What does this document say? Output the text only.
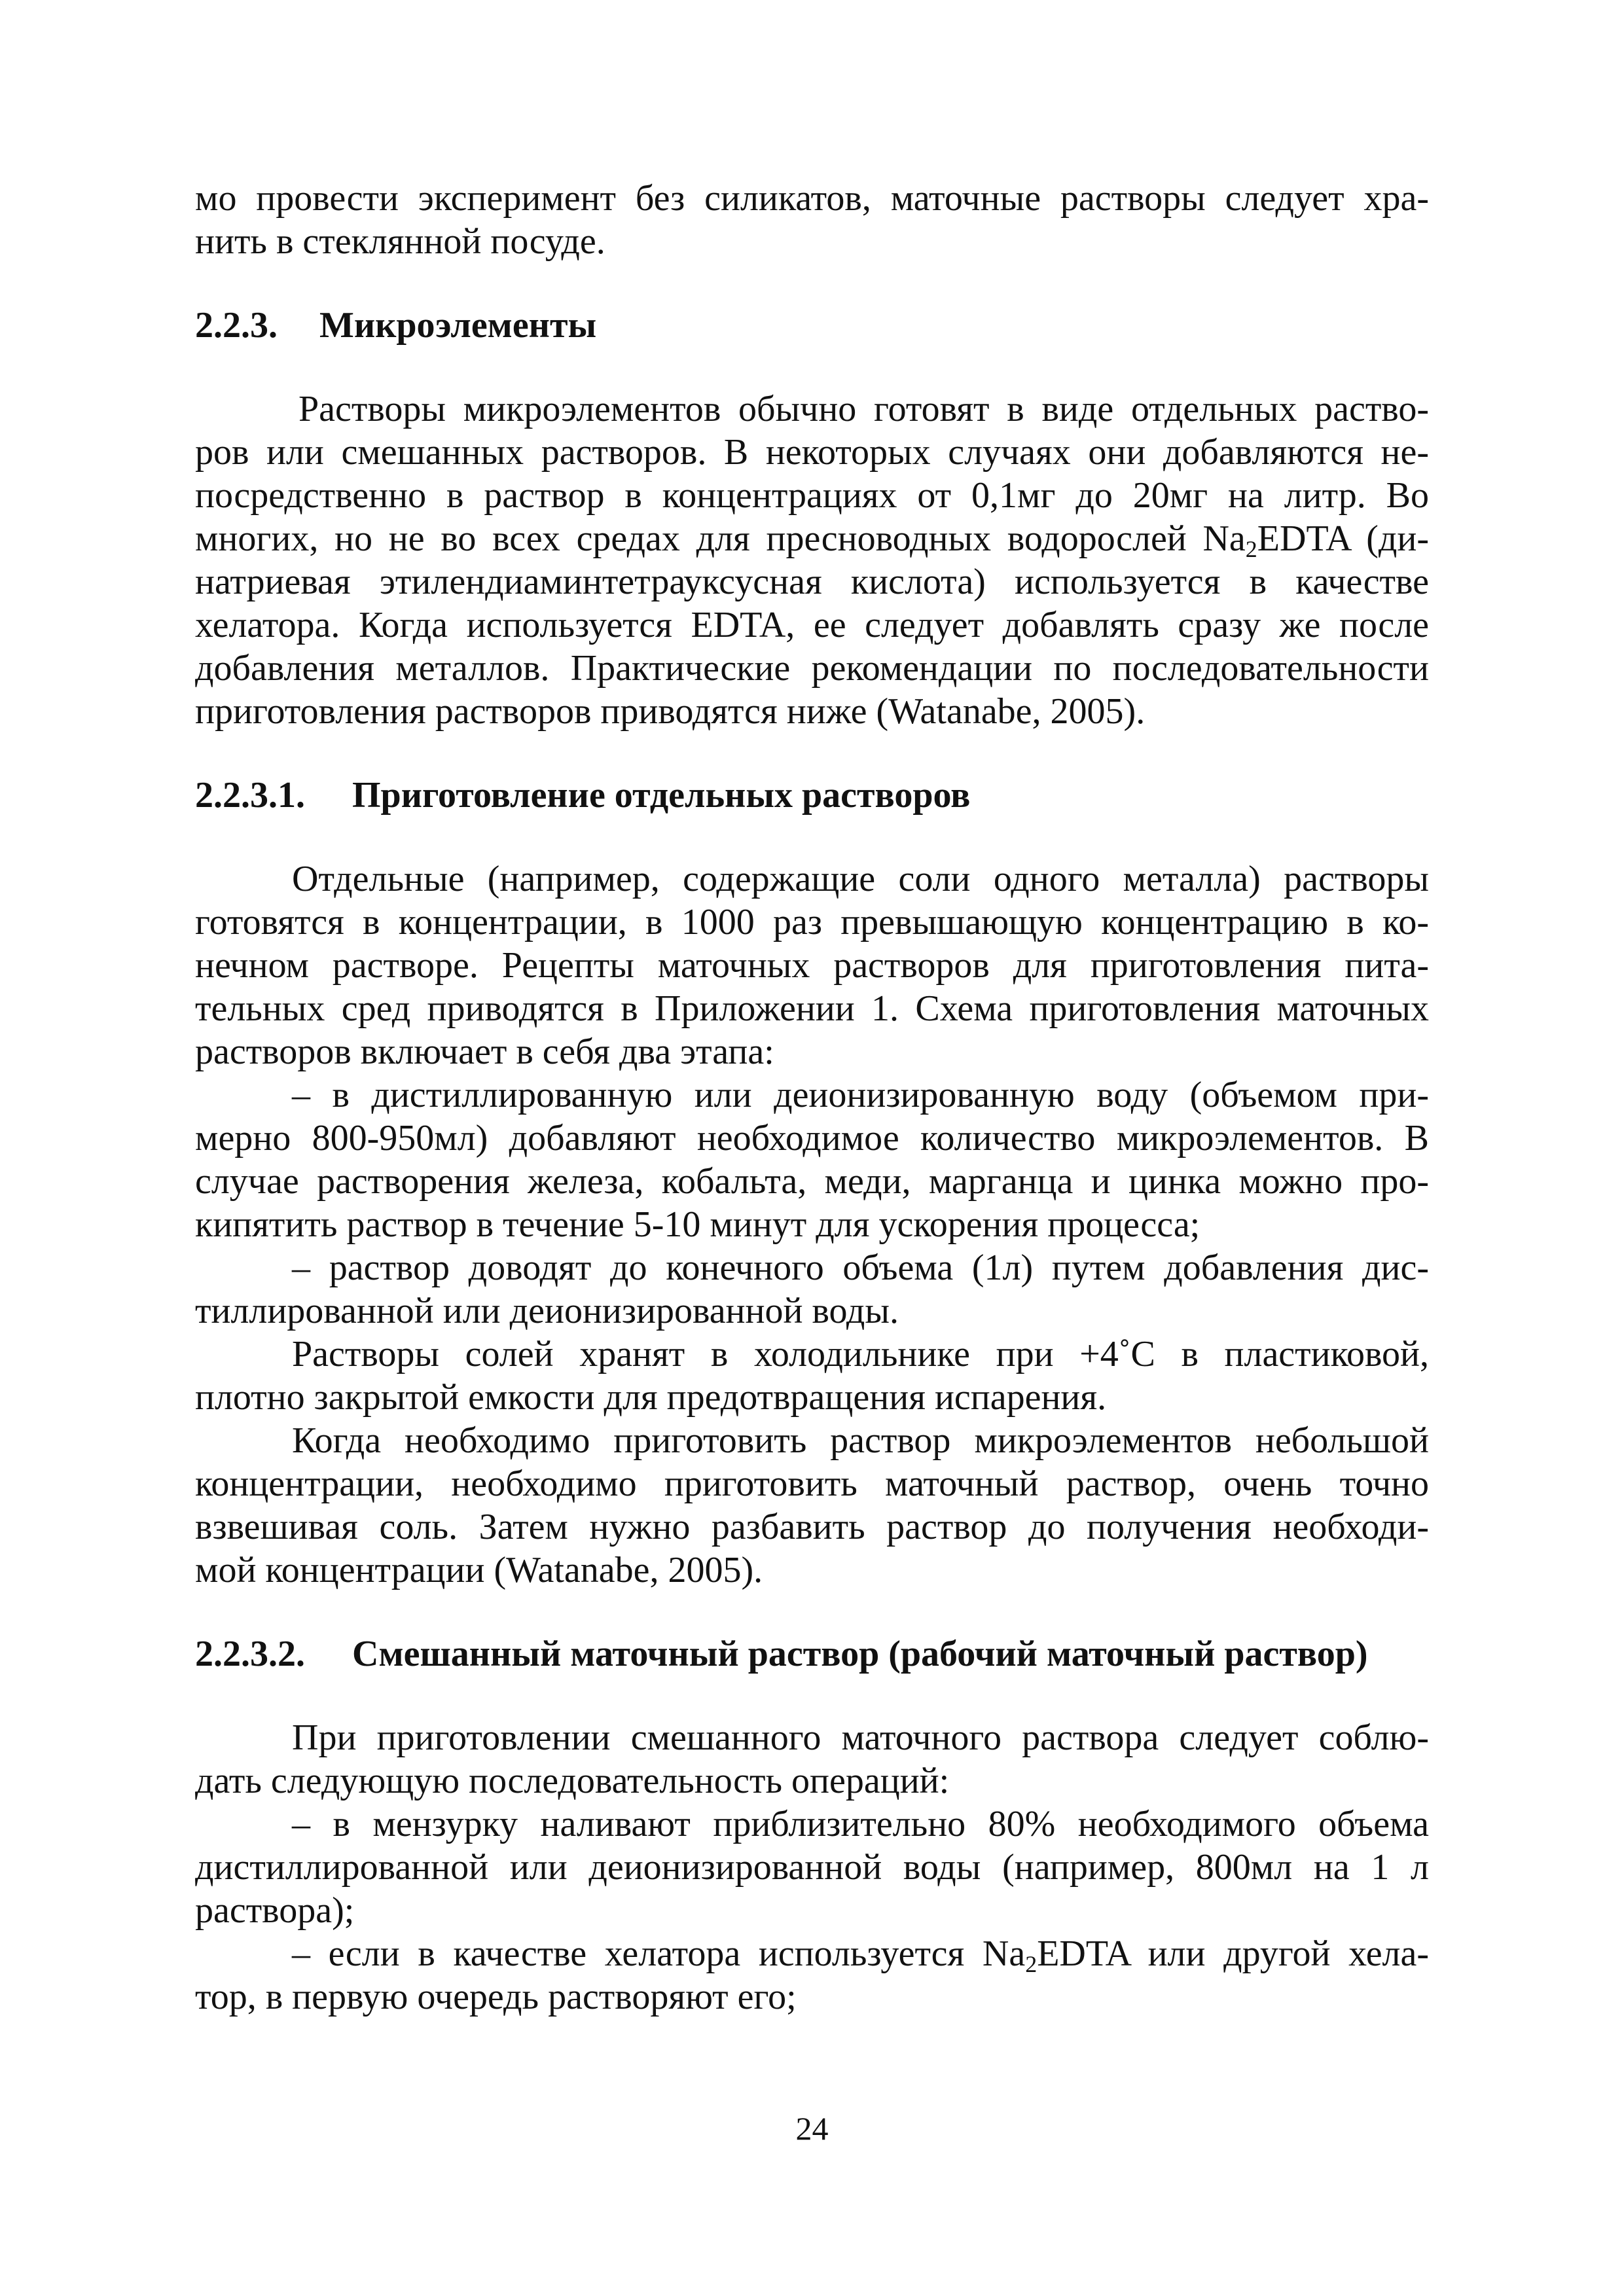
мо провести эксперимент без силикатов, маточные растворы следует хра-

нить в стеклянной посуде.

2.2.3. Микроэлементы

Растворы микроэлементов обычно готовят в виде отдельных раство-

ров или смешанных растворов. В некоторых случаях они добавляются не-

посредственно в раствор в концентрациях от 0,1мг до 20мг на литр. Во

многих, но не во всех средах для пресноводных водорослей $Na_2EDTA$ (ди-

натриевая этилендиаминтетрауксусная кислота) используется в качестве

хелатора. Когда используется EDTA, ее следует добавлять сразу же после

добавления металлов. Практические рекомендации по последовательности

приготовления растворов приводятся ниже (Watanabe, 2005).

2.2.3.1. Приготовление отдельных растворов

Отдельные (например, содержащие соли одного металла) растворы

готовятся в концентрации, в 1000 раз превышающую концентрацию в ко-

нечном растворе. Рецепты маточных растворов для приготовления пита-

тельных сред приводятся в Приложении 1. Схема приготовления маточных

растворов включает в себя два этапа:

– в дистиллированную или деионизированную воду (объемом при-

мерно 800-950мл) добавляют необходимое количество микроэлементов. В

случае растворения железа, кобальта, меди, марганца и цинка можно про-

кипятить раствор в течение 5-10 минут для ускорения процесса;

– раствор доводят до конечного объема (1л) путем добавления дис-

тиллированной или деионизированной воды.

Растворы солей хранят в холодильнике при +4˚С в пластиковой,

плотно закрытой емкости для предотвращения испарения.

Когда необходимо приготовить раствор микроэлементов небольшой

концентрации, необходимо приготовить маточный раствор, очень точно

взвешивая соль. Затем нужно разбавить раствор до получения необходи-

мой концентрации (Watanabe, 2005).

2.2.3.2. Смешанный маточный раствор (рабочий маточный раствор)

При приготовлении смешанного маточного раствора следует соблю-

дать следующую последовательность операций:

– в мензурку наливают приблизительно 80% необходимого объема

дистиллированной или деионизированной воды (например, 800мл на 1 л

раствора);

– если в качестве хелатора используется $Na_2EDTA$ или другой хела-

тор, в первую очередь растворяют его;

24
